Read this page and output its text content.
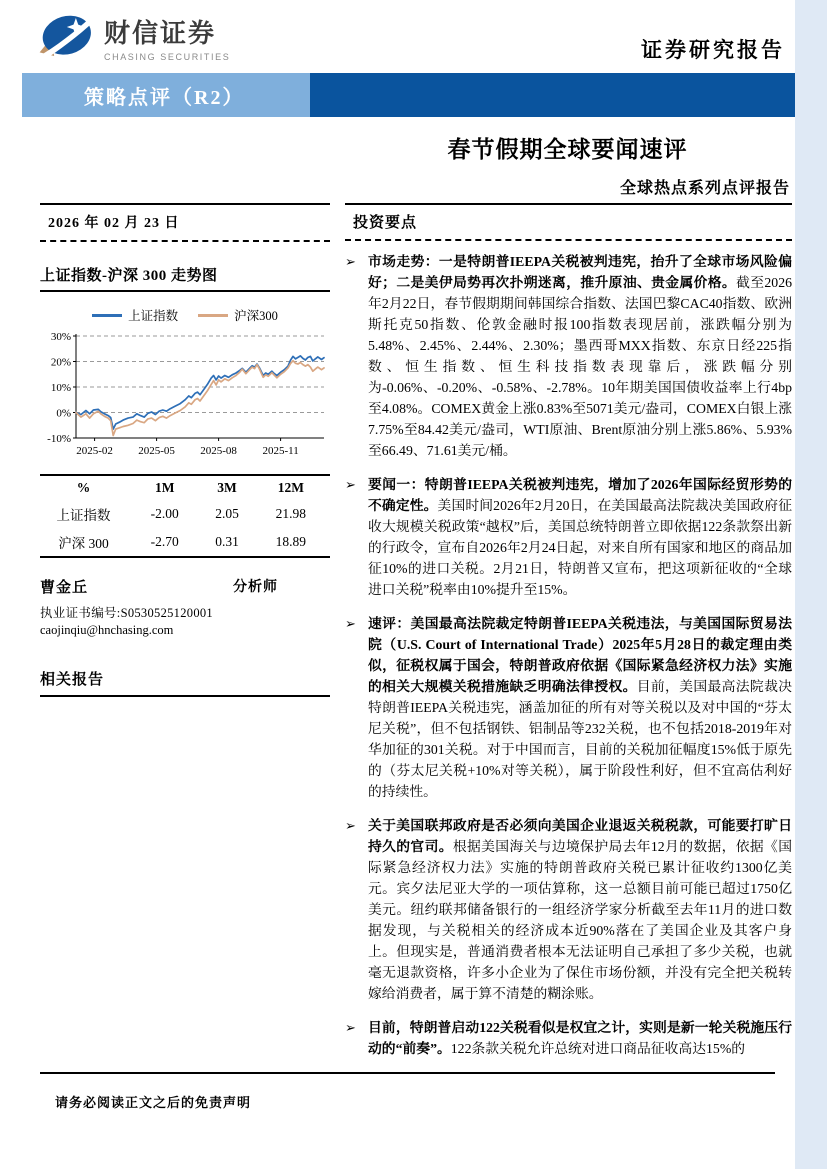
财信证券
CHASING SECURITIES	证券研究报告
策略点评（R2）
春节假期全球要闻速评
全球热点系列点评报告
2026 年 02 月 23 日
上证指数-沪深 300 走势图
上证指数	沪深300
30%
20%
10%
0%
-10%
2025-02 2025-05 2025-08 2025-11
%	1M	3M	12M
上证指数	-2.00	2.05	21.98
沪深 300	-2.70	0.31	18.89
曹金丘	分析师
执业证书编号:S0530525120001
caojinqiu@hnchasing.com
相关报告
投资要点
➢ 市场走势：一是特朗普IEEPA关税被判违宪，抬升了全球市场风险偏好；二是美伊局势再次扑朔迷离，推升原油、贵金属价格。截至2026年2月22日，春节假期期间韩国综合指数、法国巴黎CAC40指数、欧洲斯托克50指数、伦敦金融时报100指数表现居前，涨跌幅分别为5.48%、2.45%、2.44%、2.30%；墨西哥MXX指数、东京日经225指数、恒生指数、恒生科技指数表现靠后，涨跌幅分别为-0.06%、-0.20%、-0.58%、-2.78%。10年期美国国债收益率上行4bp至4.08%。COMEX黄金上涨0.83%至5071美元/盎司，COMEX白银上涨7.75%至84.42美元/盎司，WTI原油、Brent原油分别上涨5.86%、5.93%至66.49、71.61美元/桶。
➢ 要闻一：特朗普IEEPA关税被判违宪，增加了2026年国际经贸形势的不确定性。美国时间2026年2月20日，在美国最高法院裁决美国政府征收大规模关税政策“越权”后，美国总统特朗普立即依据122条款祭出新的行政令，宣布自2026年2月24日起，对来自所有国家和地区的商品加征10%的进口关税。2月21日，特朗普又宣布，把这项新征收的“全球进口关税”税率由10%提升至15%。
➢ 速评：美国最高法院裁定特朗普IEEPA关税违法，与美国国际贸易法院（U.S. Court of International Trade）2025年5月28日的裁定理由类似，征税权属于国会，特朗普政府依据《国际紧急经济权力法》实施的相关大规模关税措施缺乏明确法律授权。目前，美国最高法院裁决特朗普IEEPA关税违宪，涵盖加征的所有对等关税以及对中国的“芬太尼关税”，但不包括钢铁、铝制品等232关税，也不包括2018-2019年对华加征的301关税。对于中国而言，目前的关税加征幅度15%低于原先的（芬太尼关税+10%对等关税），属于阶段性利好，但不宜高估利好的持续性。
➢ 关于美国联邦政府是否必须向美国企业退返关税税款，可能要打旷日持久的官司。根据美国海关与边境保护局去年12月的数据，依据《国际紧急经济权力法》实施的特朗普政府关税已累计征收约1300亿美元。宾夕法尼亚大学的一项估算称，这一总额目前可能已超过1750亿美元。纽约联邦储备银行的一组经济学家分析截至去年11月的进口数据发现，与关税相关的经济成本近90%落在了美国企业及其客户身上。但现实是，普通消费者根本无法证明自己承担了多少关税，也就毫无退款资格，许多小企业为了保住市场份额，并没有完全把关税转嫁给消费者，属于算不清楚的糊涂账。
➢ 目前，特朗普启动122关税看似是权宜之计，实则是新一轮关税施压行动的“前奏”。122条款关税允许总统对进口商品征收高达15%的
请务必阅读正文之后的免责声明
